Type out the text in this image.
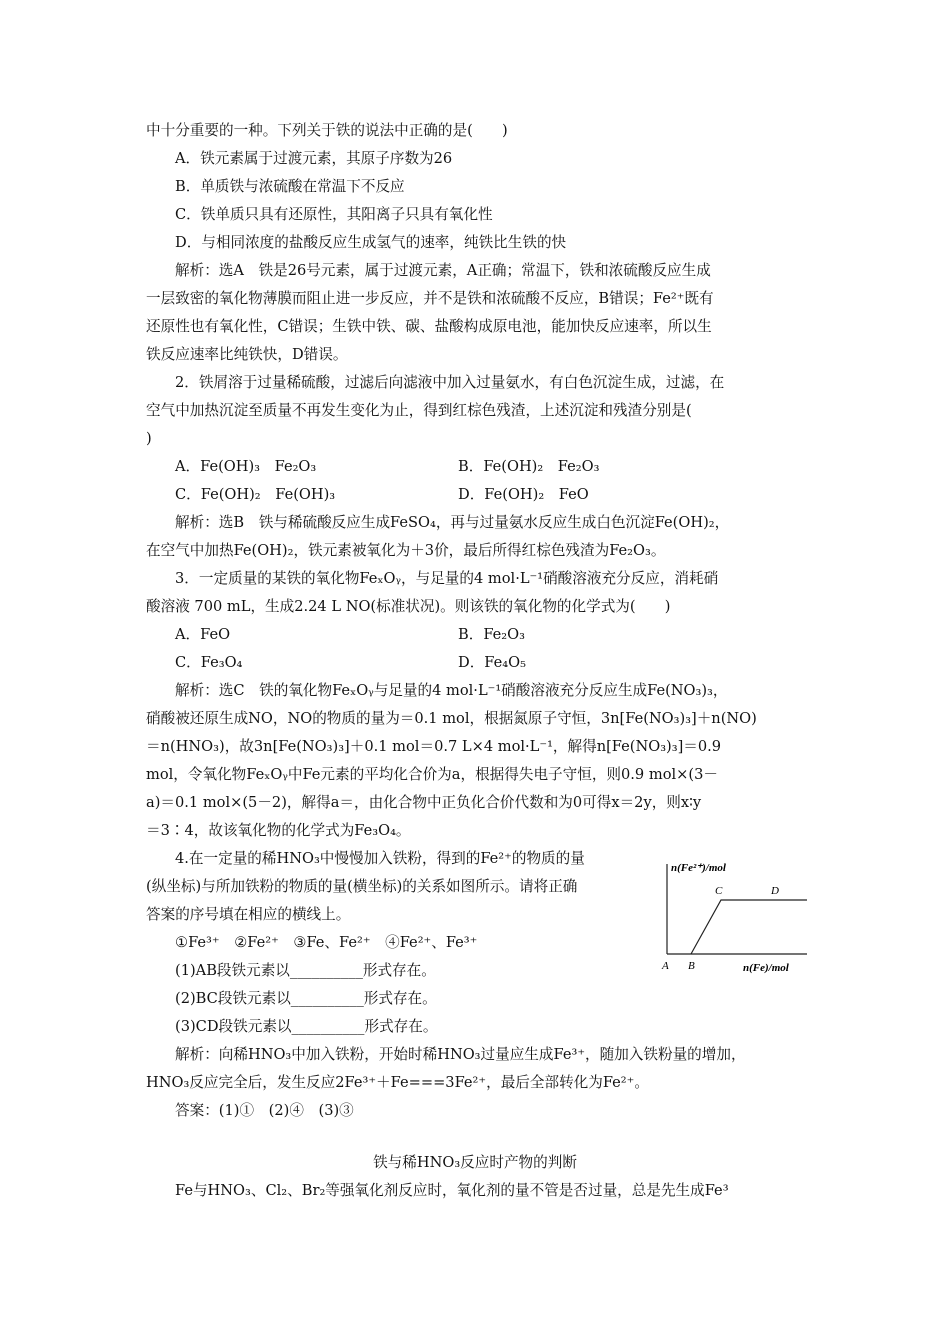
中十分重要的一种。下列关于铁的说法中正确的是(　　)
A．铁元素属于过渡元素，其原子序数为26
B．单质铁与浓硫酸在常温下不反应
C．铁单质只具有还原性，其阳离子只具有氧化性
D．与相同浓度的盐酸反应生成氢气的速率，纯铁比生铁的快
解析：选A　铁是26号元素，属于过渡元素，A正确；常温下，铁和浓硫酸反应生成
一层致密的氧化物薄膜而阻止进一步反应，并不是铁和浓硫酸不反应，B错误；Fe²⁺既有
还原性也有氧化性，C错误；生铁中铁、碳、盐酸构成原电池，能加快反应速率，所以生
铁反应速率比纯铁快，D错误。
2．铁屑溶于过量稀硫酸，过滤后向滤液中加入过量氨水，有白色沉淀生成，过滤，在
空气中加热沉淀至质量不再发生变化为止，得到红棕色残渣，上述沉淀和残渣分别是(
)
A．Fe(OH)₃　Fe₂O₃	B．Fe(OH)₂　Fe₂O₃
C．Fe(OH)₂　Fe(OH)₃	D．Fe(OH)₂　FeO
解析：选B　铁与稀硫酸反应生成FeSO₄，再与过量氨水反应生成白色沉淀Fe(OH)₂，
在空气中加热Fe(OH)₂，铁元素被氧化为＋3价，最后所得红棕色残渣为Fe₂O₃。
3．一定质量的某铁的氧化物FeₓOᵧ，与足量的4 mol·L⁻¹硝酸溶液充分反应，消耗硝
酸溶液 700 mL，生成2.24 L NO(标准状况)。则该铁的氧化物的化学式为(　　)
A．FeO	B．Fe₂O₃
C．Fe₃O₄	D．Fe₄O₅
解析：选C　铁的氧化物FeₓOᵧ与足量的4 mol·L⁻¹硝酸溶液充分反应生成Fe(NO₃)₃，
硝酸被还原生成NO，NO的物质的量为＝0.1 mol，根据氮原子守恒，3n[Fe(NO₃)₃]＋n(NO)
＝n(HNO₃)，故3n[Fe(NO₃)₃]＋0.1 mol＝0.7 L×4 mol·L⁻¹，解得n[Fe(NO₃)₃]＝0.9
mol，令氧化物FeₓOᵧ中Fe元素的平均化合价为a，根据得失电子守恒，则0.9 mol×(3－
a)＝0.1 mol×(5－2)，解得a＝，由化合物中正负化合价代数和为0可得x＝2y，则x∶y
＝3∶4，故该氧化物的化学式为Fe₃O₄。
4.在一定量的稀HNO₃中慢慢加入铁粉，得到的Fe²⁺的物质的量
(纵坐标)与所加铁粉的物质的量(横坐标)的关系如图所示。请将正确
答案的序号填在相应的横线上。
①Fe³⁺　②Fe²⁺　③Fe、Fe²⁺　④Fe²⁺、Fe³⁺
(1)AB段铁元素以__________形式存在。
(2)BC段铁元素以__________形式存在。
(3)CD段铁元素以__________形式存在。
解析：向稀HNO₃中加入铁粉，开始时稀HNO₃过量应生成Fe³⁺，随加入铁粉量的增加，
HNO₃反应完全后，发生反应2Fe³⁺＋Fe===3Fe²⁺，最后全部转化为Fe²⁺。
答案：(1)①　(2)④　(3)③
n(Fe²⁺)/mol
n(Fe)/mol
A B
C	D
铁与稀HNO₃反应时产物的判断
Fe与HNO₃、Cl₂、Br₂等强氧化剂反应时，氧化剂的量不管是否过量，总是先生成Fe³
